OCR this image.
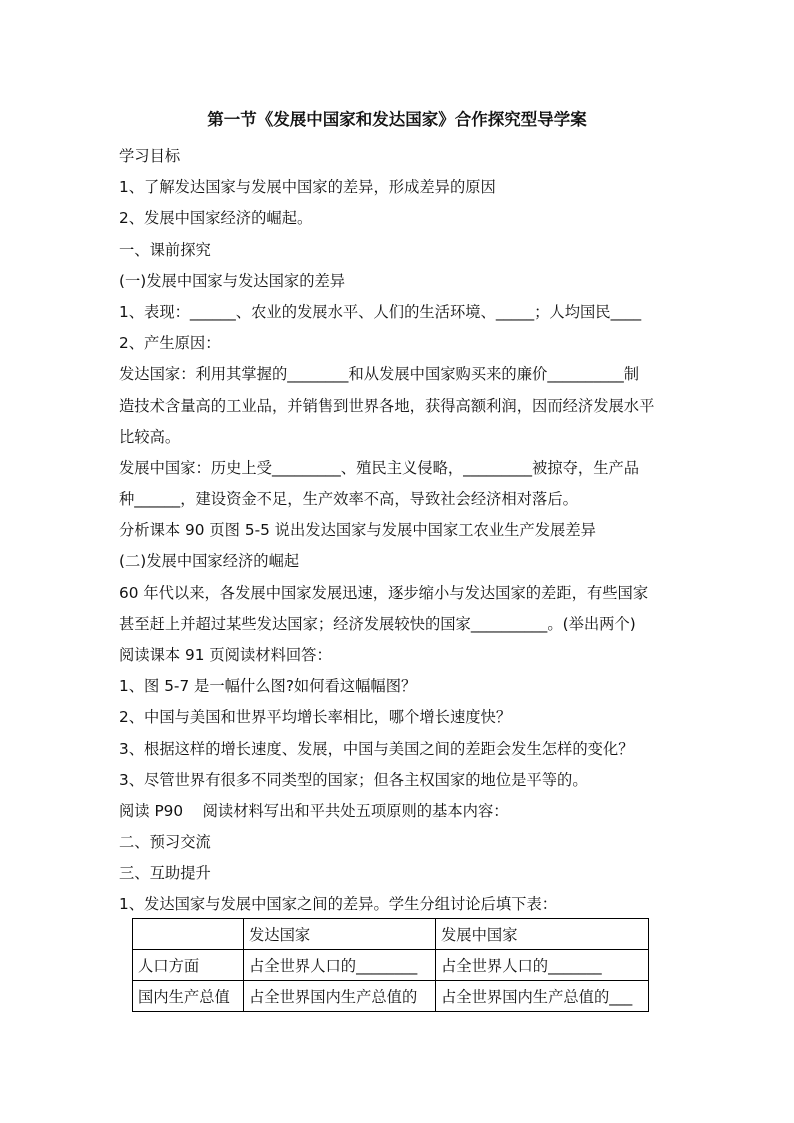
第一节《发展中国家和发达国家》合作探究型导学案
学习目标
1、了解发达国家与发展中国家的差异，形成差异的原因
2、发展中国家经济的崛起。
一、课前探究
(一)发展中国家与发达国家的差异
1、表现：______、农业的发展水平、人们的生活环境、_____；人均国民____
2、产生原因：
发达国家：利用其掌握的________和从发展中国家购买来的廉价__________制
造技术含量高的工业品，并销售到世界各地，获得高额利润，因而经济发展水平
比较高。
发展中国家：历史上受_________、殖民主义侵略，_________被掠夺，生产品
种______，建设资金不足，生产效率不高，导致社会经济相对落后。
分析课本 90 页图 5-5 说出发达国家与发展中国家工农业生产发展差异
(二)发展中国家经济的崛起
60 年代以来，各发展中国家发展迅速，逐步缩小与发达国家的差距，有些国家
甚至赶上并超过某些发达国家；经济发展较快的国家__________。(举出两个)
阅读课本 91 页阅读材料回答：
1、图 5-7 是一幅什么图?如何看这幅幅图？
2、中国与美国和世界平均增长率相比，哪个增长速度快？
3、根据这样的增长速度、发展，中国与美国之间的差距会发生怎样的变化？
3、尽管世界有很多不同类型的国家；但各主权国家的地位是平等的。
阅读 P90    阅读材料写出和平共处五项原则的基本内容：
二、预习交流
三、互助提升
1、发达国家与发展中国家之间的差异。学生分组讨论后填下表：
	发达国家	发展中国家
人口方面	占全世界人口的________	占全世界人口的_______
国内生产总值	占全世界国内生产总值的	占全世界国内生产总值的___
